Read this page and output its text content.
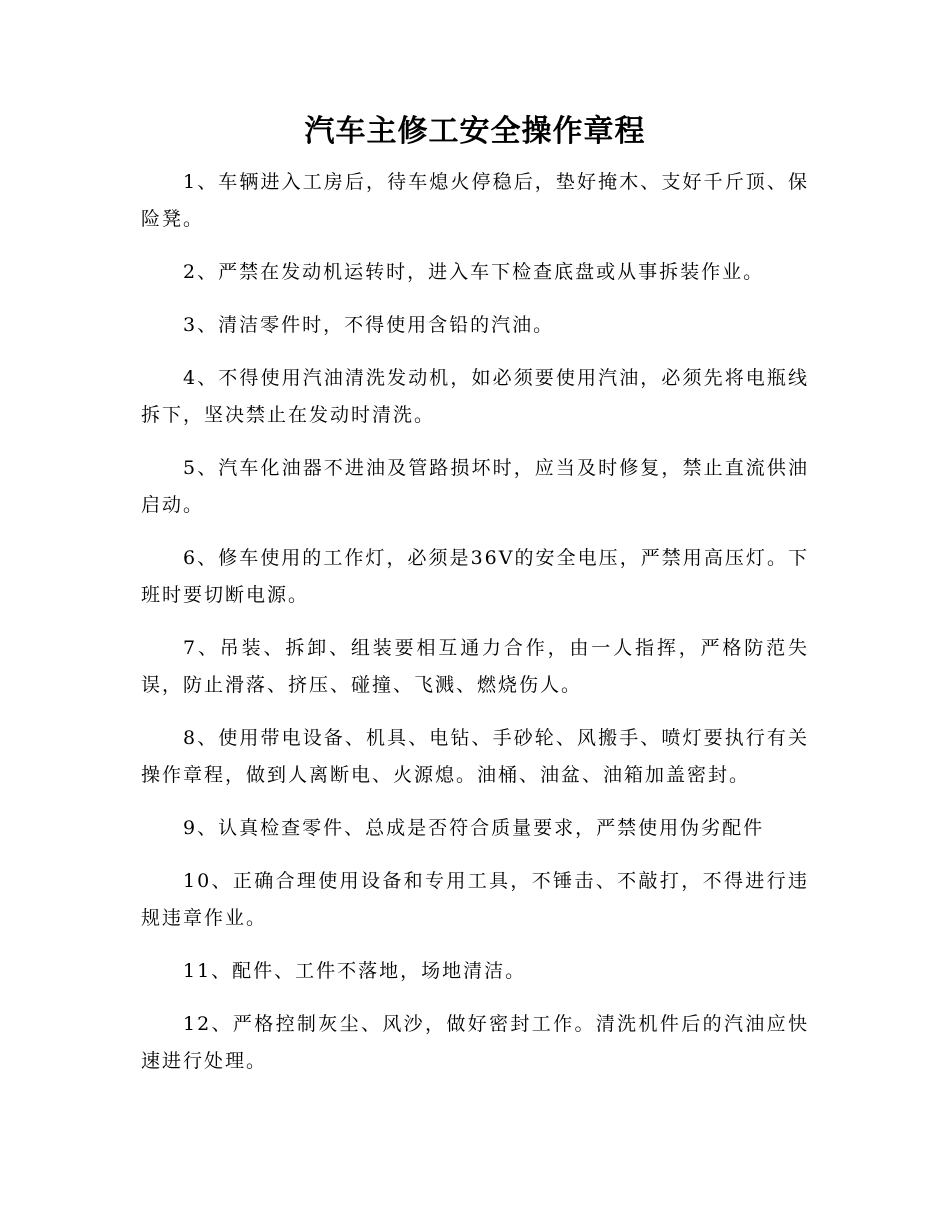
汽车主修工安全操作章程

1、车辆进入工房后，待车熄火停稳后，垫好掩木、支好千斤顶、保险凳。

2、严禁在发动机运转时，进入车下检查底盘或从事拆装作业。

3、清洁零件时，不得使用含铅的汽油。

4、不得使用汽油清洗发动机，如必须要使用汽油，必须先将电瓶线拆下，坚决禁止在发动时清洗。

5、汽车化油器不进油及管路损坏时，应当及时修复，禁止直流供油启动。

6、修车使用的工作灯，必须是36V的安全电压，严禁用高压灯。下班时要切断电源。

7、吊装、拆卸、组装要相互通力合作，由一人指挥，严格防范失误，防止滑落、挤压、碰撞、飞溅、燃烧伤人。

8、使用带电设备、机具、电钻、手砂轮、风搬手、喷灯要执行有关操作章程，做到人离断电、火源熄。油桶、油盆、油箱加盖密封。

9、认真检查零件、总成是否符合质量要求，严禁使用伪劣配件

10、正确合理使用设备和专用工具，不锤击、不敲打，不得进行违规违章作业。

11、配件、工件不落地，场地清洁。

12、严格控制灰尘、风沙，做好密封工作。清洗机件后的汽油应快速进行处理。
